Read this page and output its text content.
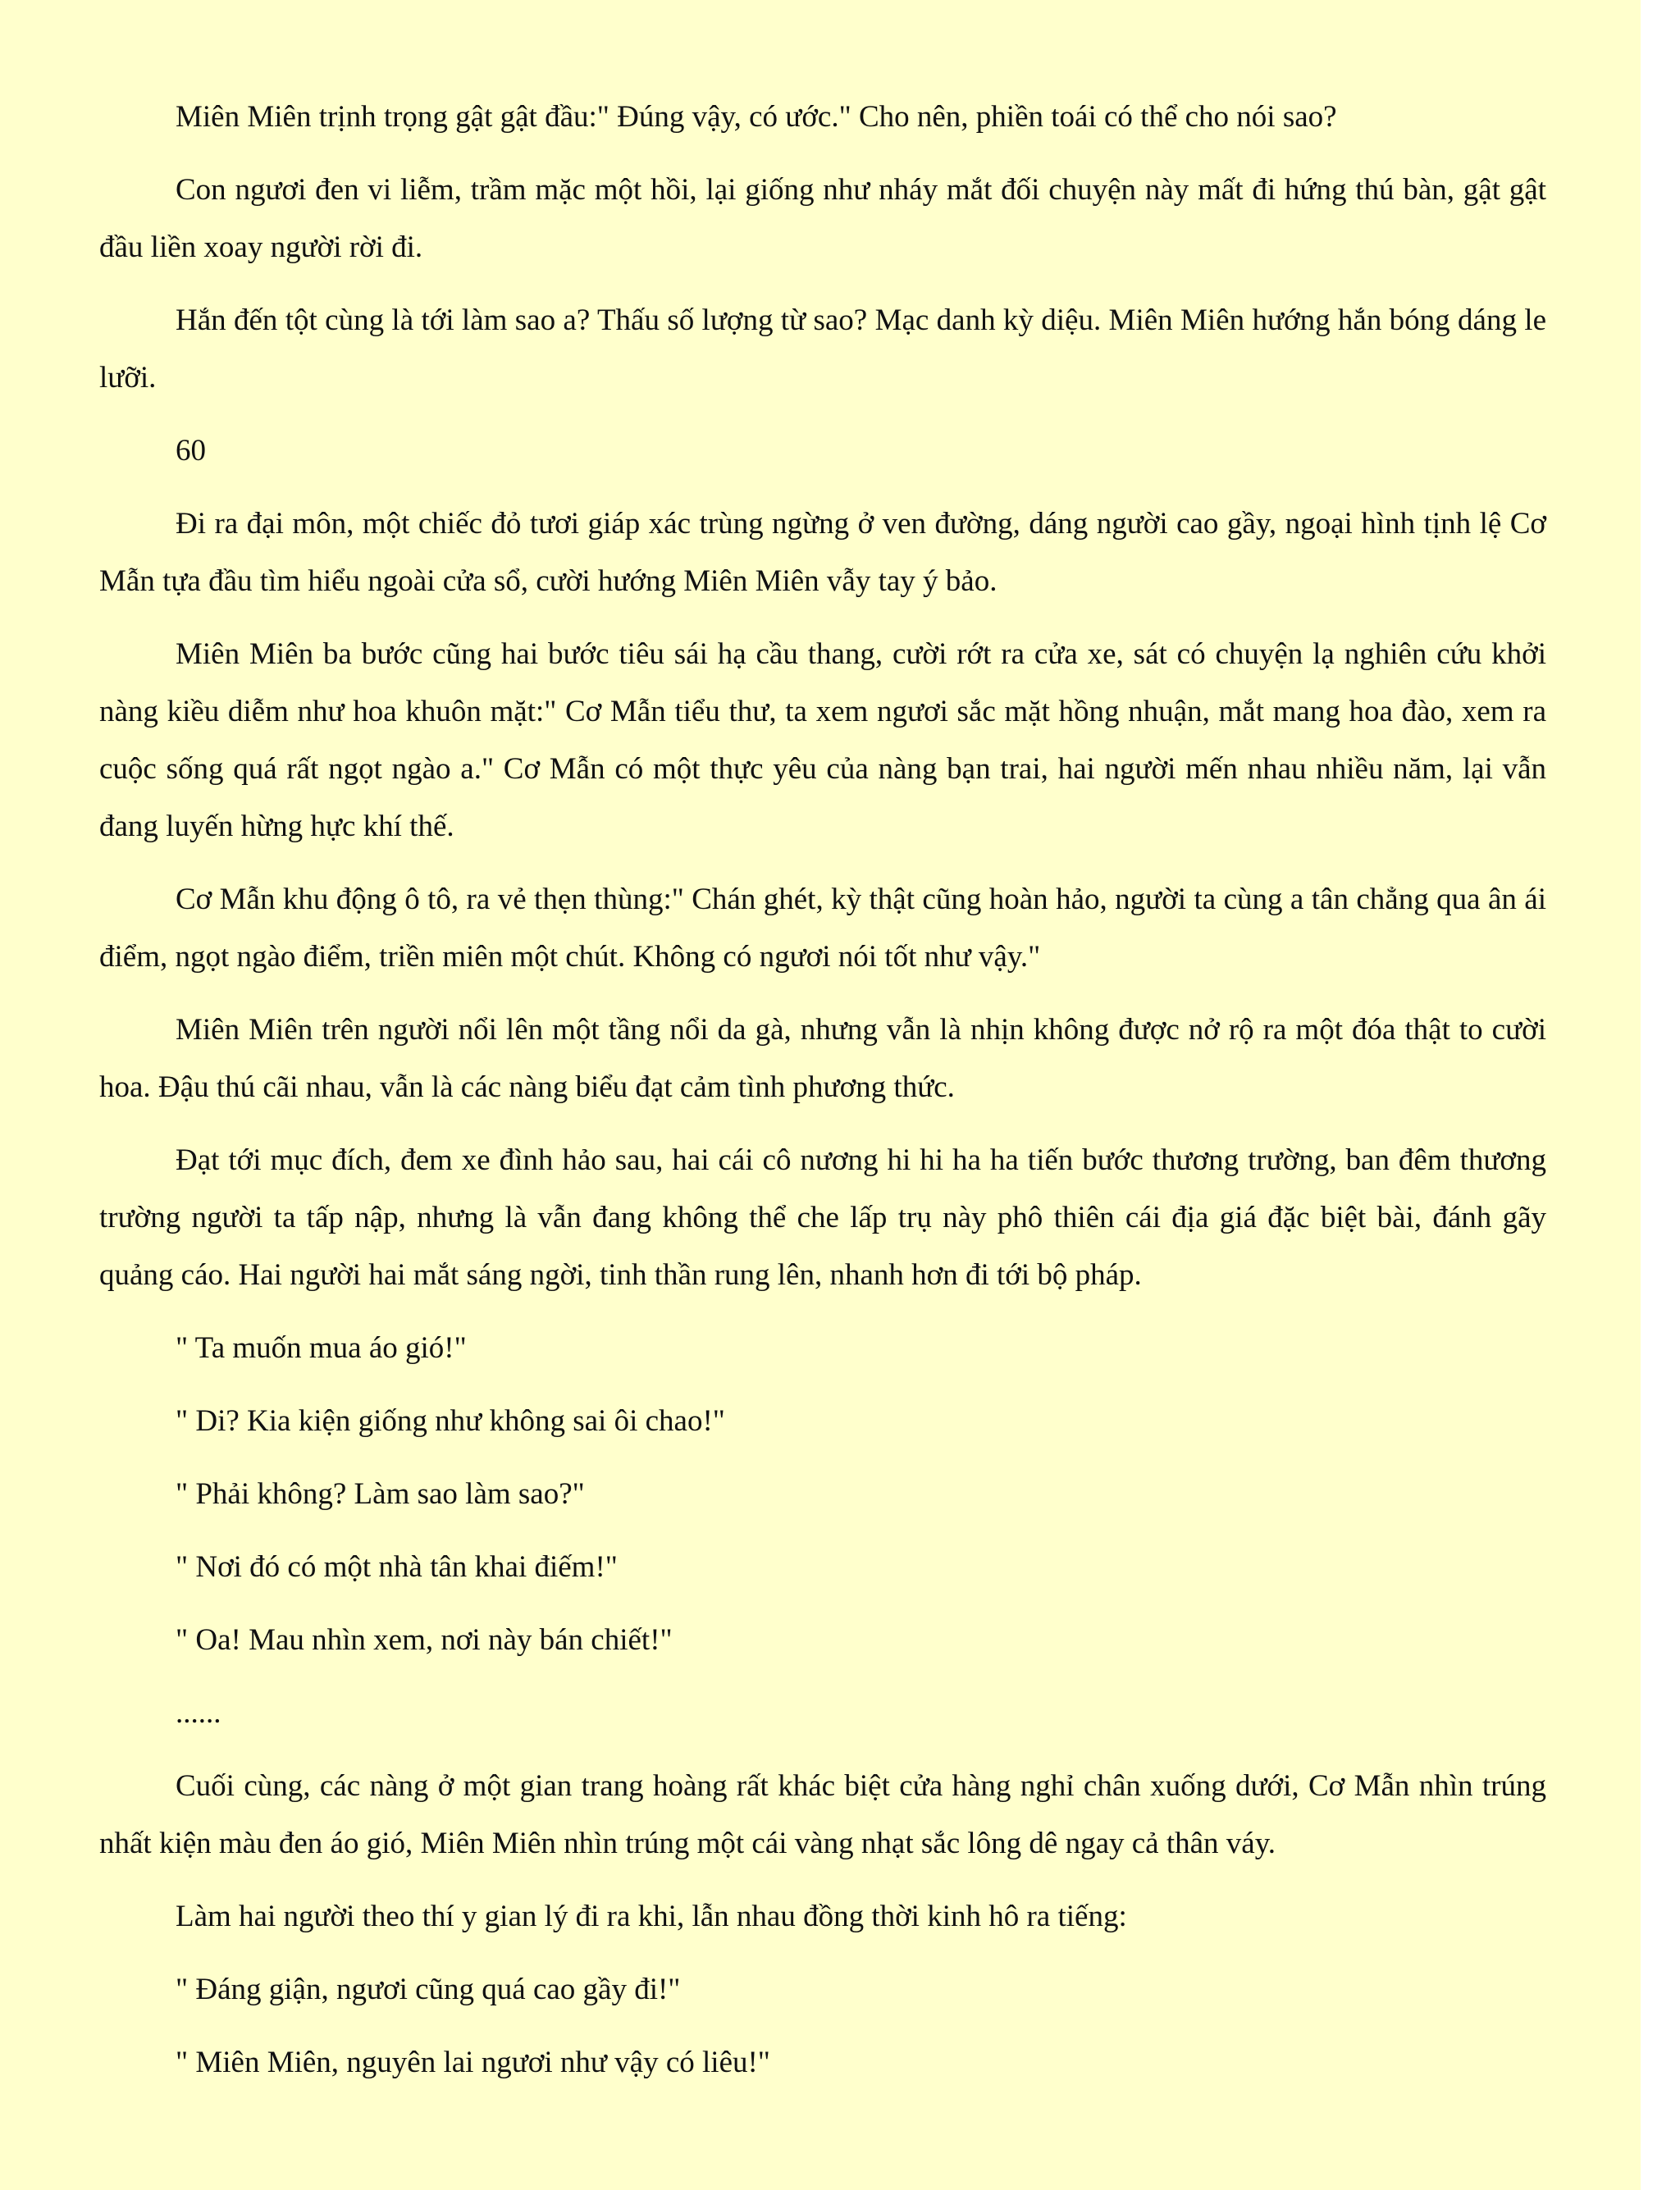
Miên Miên trịnh trọng gật gật đầu:" Đúng vậy, có ước." Cho nên, phiền toái có thể cho nói sao?

Con ngươi đen vi liễm, trầm mặc một hồi, lại giống như nháy mắt đối chuyện này mất đi hứng thú bàn, gật gật đầu liền xoay người rời đi.

Hắn đến tột cùng là tới làm sao a? Thấu số lượng từ sao? Mạc danh kỳ diệu. Miên Miên hướng hắn bóng dáng le lưỡi.

60

Đi ra đại môn, một chiếc đỏ tươi giáp xác trùng ngừng ở ven đường, dáng người cao gầy, ngoại hình tịnh lệ Cơ Mẫn tựa đầu tìm hiểu ngoài cửa sổ, cười hướng Miên Miên vẫy tay ý bảo.

Miên Miên ba bước cũng hai bước tiêu sái hạ cầu thang, cười rớt ra cửa xe, sát có chuyện lạ nghiên cứu khởi nàng kiều diễm như hoa khuôn mặt:" Cơ Mẫn tiểu thư, ta xem ngươi sắc mặt hồng nhuận, mắt mang hoa đào, xem ra cuộc sống quá rất ngọt ngào a." Cơ Mẫn có một thực yêu của nàng bạn trai, hai người mến nhau nhiều năm, lại vẫn đang luyến hừng hực khí thế.

Cơ Mẫn khu động ô tô, ra vẻ thẹn thùng:" Chán ghét, kỳ thật cũng hoàn hảo, người ta cùng a tân chẳng qua ân ái điểm, ngọt ngào điểm, triền miên một chút. Không có ngươi nói tốt như vậy."

Miên Miên trên người nổi lên một tầng nổi da gà, nhưng vẫn là nhịn không được nở rộ ra một đóa thật to cười hoa. Đậu thú cãi nhau, vẫn là các nàng biểu đạt cảm tình phương thức.

Đạt tới mục đích, đem xe đình hảo sau, hai cái cô nương hi hi ha ha tiến bước thương trường, ban đêm thương trường người ta tấp nập, nhưng là vẫn đang không thể che lấp trụ này phô thiên cái địa giá đặc biệt bài, đánh gãy quảng cáo. Hai người hai mắt sáng ngời, tinh thần rung lên, nhanh hơn đi tới bộ pháp.

" Ta muốn mua áo gió!"

" Di? Kia kiện giống như không sai ôi chao!"

" Phải không? Làm sao làm sao?"

" Nơi đó có một nhà tân khai điếm!"

" Oa! Mau nhìn xem, nơi này bán chiết!"

......

Cuối cùng, các nàng ở một gian trang hoàng rất khác biệt cửa hàng nghỉ chân xuống dưới, Cơ Mẫn nhìn trúng nhất kiện màu đen áo gió, Miên Miên nhìn trúng một cái vàng nhạt sắc lông dê ngay cả thân váy.

Làm hai người theo thí y gian lý đi ra khi, lẫn nhau đồng thời kinh hô ra tiếng:

" Đáng giận, ngươi cũng quá cao gầy đi!"

" Miên Miên, nguyên lai ngươi như vậy có liêu!"
